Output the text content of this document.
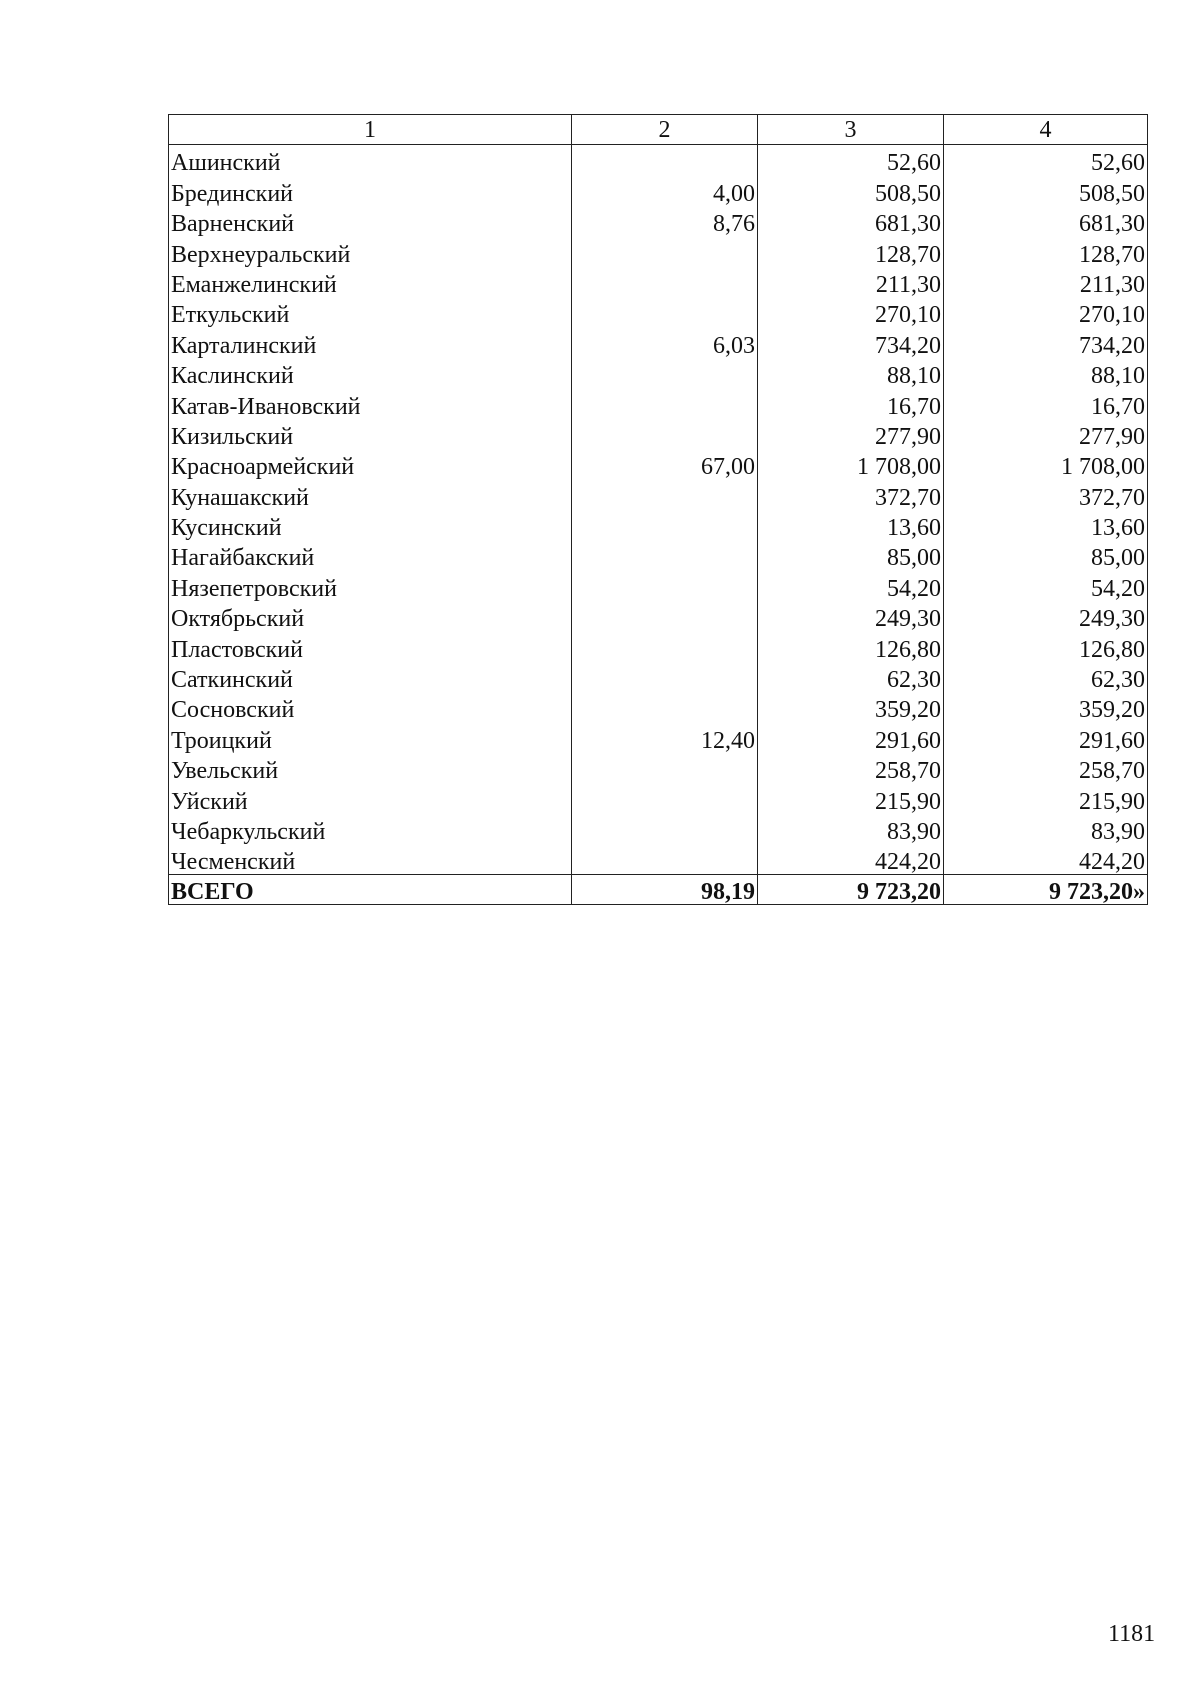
1	2	3	4
Ашинский		52,60	52,60
Брединский	4,00	508,50	508,50
Варненский	8,76	681,30	681,30
Верхнеуральский		128,70	128,70
Еманжелинский		211,30	211,30
Еткульский		270,10	270,10
Карталинский	6,03	734,20	734,20
Каслинский		88,10	88,10
Катав-Ивановский		16,70	16,70
Кизильский		277,90	277,90
Красноармейский	67,00	1 708,00	1 708,00
Кунашакский		372,70	372,70
Кусинский		13,60	13,60
Нагайбакский		85,00	85,00
Нязепетровский		54,20	54,20
Октябрьский		249,30	249,30
Пластовский		126,80	126,80
Саткинский		62,30	62,30
Сосновский		359,20	359,20
Троицкий	12,40	291,60	291,60
Увельский		258,70	258,70
Уйский		215,90	215,90
Чебаркульский		83,90	83,90
Чесменский		424,20	424,20
ВСЕГО	98,19	9 723,20	9 723,20»
1181
